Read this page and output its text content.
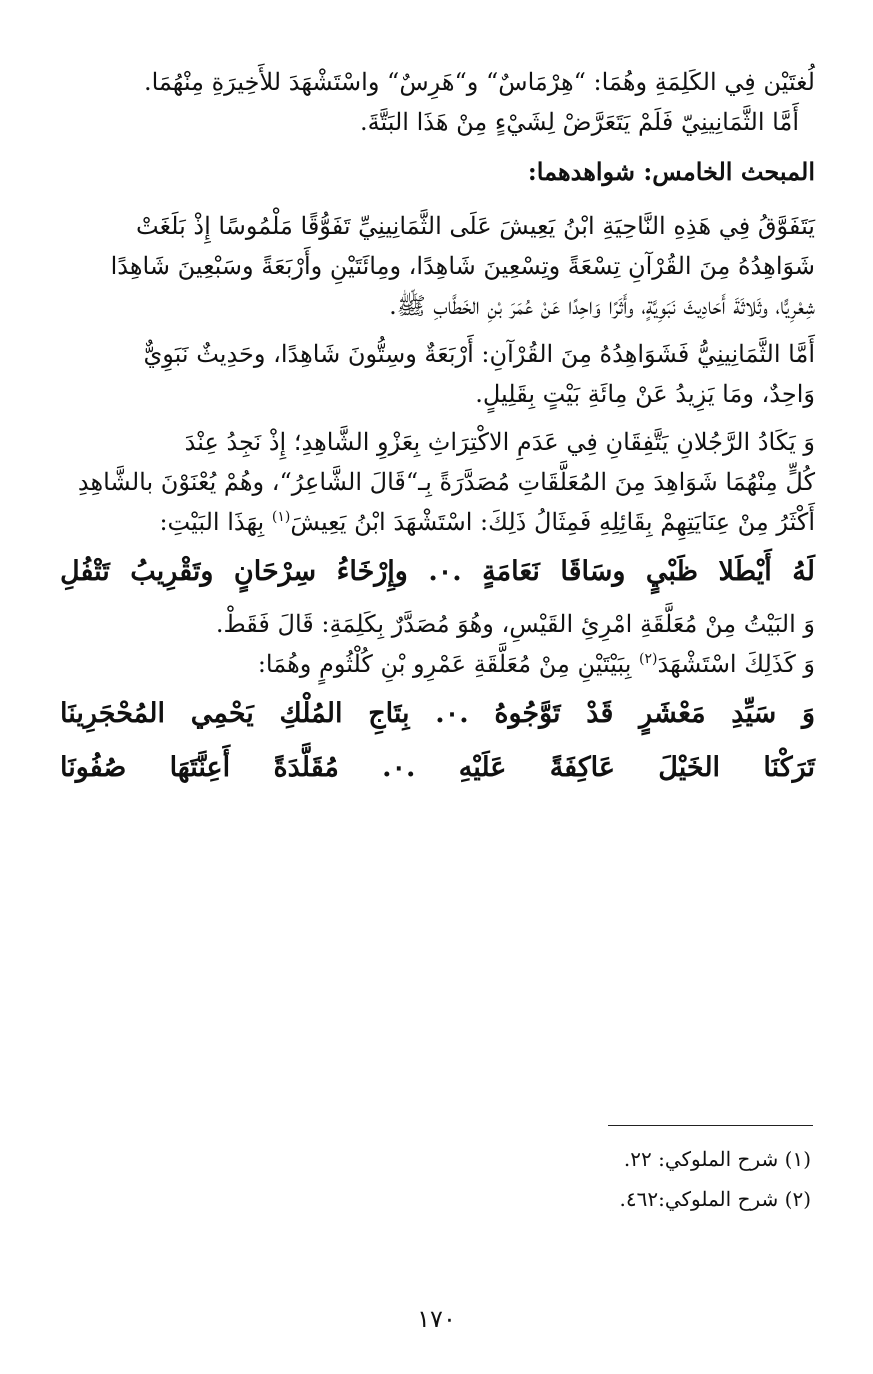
لُغتَيْن فِي الكَلِمَةِ وهُمَا: “هِرْمَاسٌ“ و“هَرِسٌ“ واسْتَشْهَدَ للأَخِيرَةِ مِنْهُمَا.

أَمَّا الثَّمَانِينِيّ فَلَمْ يَتَعَرَّضْ لِشَيْءٍ مِنْ هَذَا البَتَّةَ.

المبحث الخامس: شواهدهما:

يَتَفَوَّقُ فِي هَذِهِ النَّاحِيَةِ ابْنُ يَعِيشَ عَلَى الثَّمَانِينِيِّ تَفَوُّقًا مَلْمُوسًا إِذْ بَلَغَتْ

شَوَاهِدُهُ مِنَ القُرْآنِ تِسْعَةً وتِسْعِينَ شَاهِدًا، ومِائَتَيْنِ وأَرْبَعَةً وسَبْعِينَ شَاهِدًا

شِعْرِيًّا، وثَلاثَةَ أَحَادِيثَ نَبَوِيَّةٍ، وأَثَرًا وَاحِدًا عَنْ عُمَرَ بْنِ الخَطَّابِ ﷺ.

أَمَّا الثَّمَانِينِيُّ فَشَوَاهِدُهُ مِنَ القُرْآنِ: أَرْبَعَةٌ وسِتُّونَ شَاهِدًا، وحَدِيثٌ نَبَوِيٌّ

وَاحِدٌ، ومَا يَزِيدُ عَنْ مِائَةِ بَيْتٍ بِقَلِيلٍ.

وَ يَكَادُ الرَّجُلانِ يَتَّفِقَانِ فِي عَدَمِ الاكْتِرَاثِ بِعَزْوِ الشَّاهِدِ؛ إِذْ نَجِدُ عِنْدَ

كُلٍّ مِنْهُمَا شَوَاهِدَ مِنَ المُعَلَّقَاتِ مُصَدَّرَةً بِـ“قَالَ الشَّاعِرُ“، وهُمْ يُعْنَوْنَ بالشَّاهِدِ

أَكْثَرُ مِنْ عِنَايَتِهِمْ بِقَائِلِهِ فَمِثَالُ ذَلِكَ: اسْتَشْهَدَ ابْنُ يَعِيشَ$^{(١)}$ بِهَذَا البَيْتِ:

لَهُ أَيْطَلا ظَبْيٍ وسَاقَا نَعَامَةٍ .٠. وإِرْخَاءُ سِرْحَانٍ وتَقْرِيبُ تَتْفُلِ

وَ البَيْتُ مِنْ مُعَلَّقَةِ امْرِئِ القَيْسِ، وهُوَ مُصَدَّرٌ بِكَلِمَةِ: قَالَ فَقَطْ.

وَ كَذَلِكَ اسْتَشْهَدَ$^{(٢)}$ بِبَيْتَيْنِ مِنْ مُعَلَّقَةِ عَمْرِو بْنِ كُلْثُومٍ وهُمَا:

وَ سَيِّدِ مَعْشَرٍ قَدْ تَوَّجُوهُ .٠. بِتَاجِ المُلْكِ يَحْمِي المُحْجَرِينَا

تَرَكْنَا الخَيْلَ عَاكِفَةً عَلَيْهِ .٠. مُقَلَّدَةً أَعِنَّتَهَا صُفُونَا

(١) شرح الملوكي: ٢٢.

(٢) شرح الملوكي:٤٦٢.

١٧٠
